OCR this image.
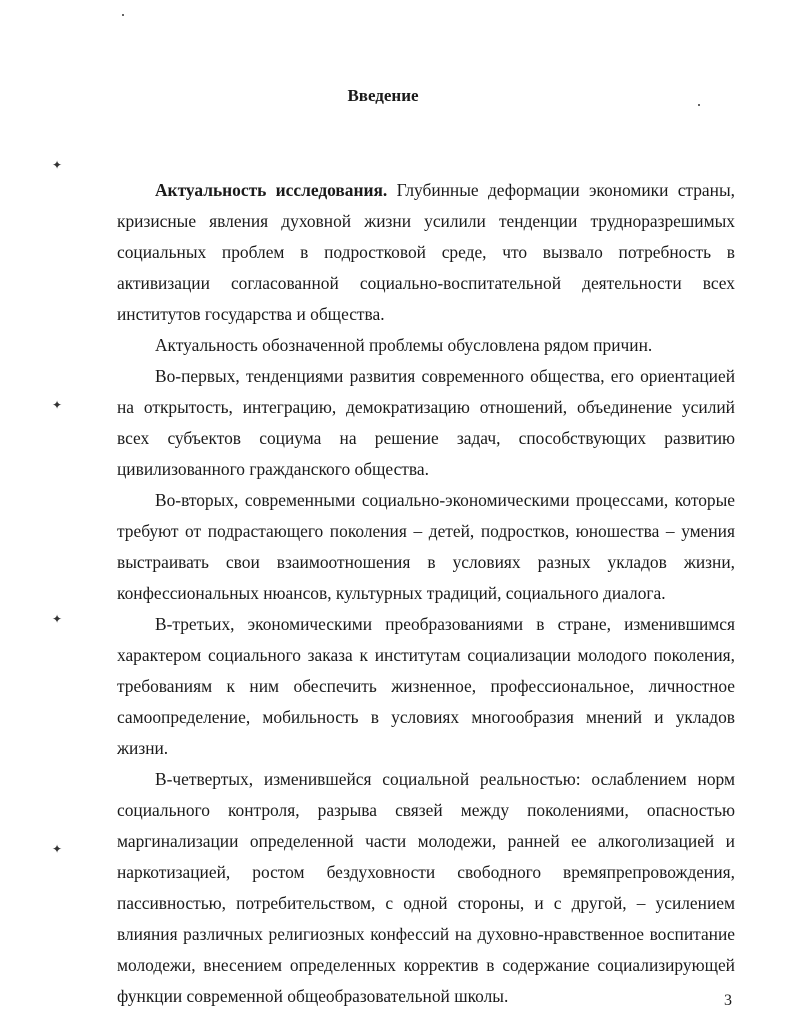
Введение

Актуальность исследования. Глубинные деформации экономики страны, кризисные явления духовной жизни усилили тенденции трудноразрешимых социальных проблем в подростковой среде, что вызвало потребность в активизации согласованной социально-воспитательной деятельности всех институтов государства и общества.

Актуальность обозначенной проблемы обусловлена рядом причин.

Во-первых, тенденциями развития современного общества, его ориентацией на открытость, интеграцию, демократизацию отношений, объединение усилий всех субъектов социума на решение задач, способствующих развитию цивилизованного гражданского общества.

Во-вторых, современными социально-экономическими процессами, которые требуют от подрастающего поколения – детей, подростков, юношества – умения выстраивать свои взаимоотношения в условиях разных укладов жизни, конфессиональных нюансов, культурных традиций, социального диалога.

В-третьих, экономическими преобразованиями в стране, изменившимся характером социального заказа к институтам социализации молодого поколения, требованиям к ним обеспечить жизненное, профессиональное, личностное самоопределение, мобильность в условиях многообразия мнений и укладов жизни.

В-четвертых, изменившейся социальной реальностью: ослаблением норм социального контроля, разрыва связей между поколениями, опасностью маргинализации определенной части молодежи, ранней ее алкоголизацией и наркотизацией, ростом бездуховности свободного времяпрепровождения, пассивностью, потребительством, с одной стороны, и с другой, – усилением влияния различных религиозных конфессий на духовно-нравственное воспитание молодежи, внесением определенных корректив в содержание социализирующей функции современной общеобразовательной школы.	3
✦
✦
✦
✦
